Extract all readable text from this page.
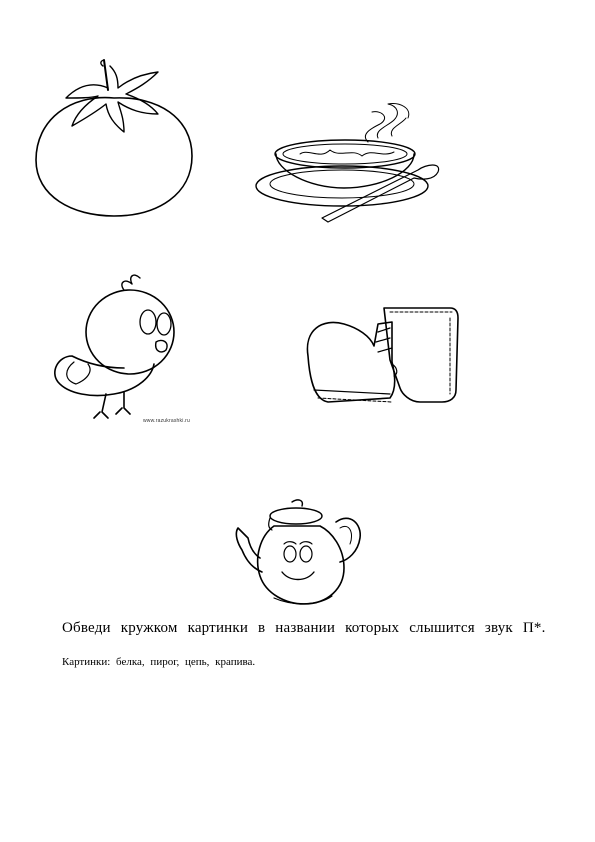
www.razukrashki.ru
Обведи кружком картинки в названии которых слышится звук П*.
Картинки: белка, пирог, цепь, крапива.
